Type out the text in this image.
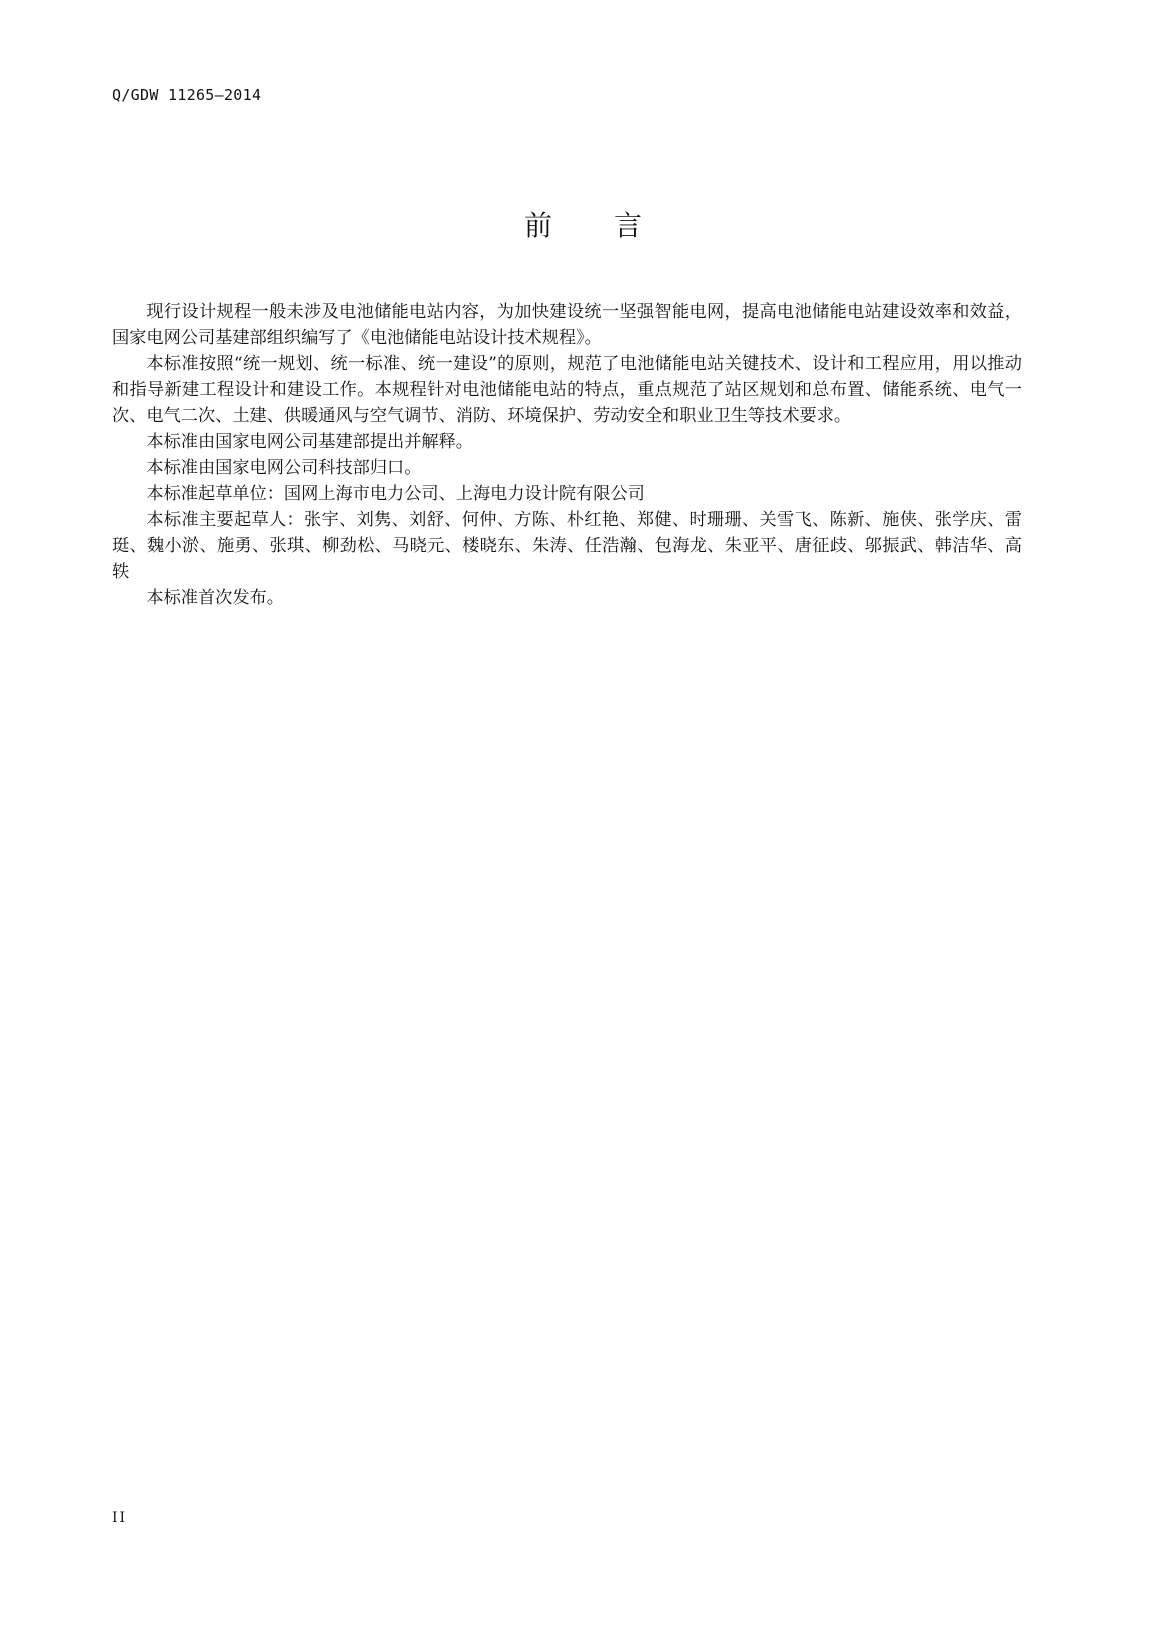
Q/GDW 11265—2014
前言

现行设计规程一般未涉及电池储能电站内容，为加快建设统一坚强智能电网，提高电池储能电站建设效率和效益，国家电网公司基建部组织编写了《电池储能电站设计技术规程》。

本标准按照“统一规划、统一标准、统一建设”的原则，规范了电池储能电站关键技术、设计和工程应用，用以推动和指导新建工程设计和建设工作。本规程针对电池储能电站的特点，重点规范了站区规划和总布置、储能系统、电气一次、电气二次、土建、供暖通风与空气调节、消防、环境保护、劳动安全和职业卫生等技术要求。

本标准由国家电网公司基建部提出并解释。

本标准由国家电网公司科技部归口。

本标准起草单位：国网上海市电力公司、上海电力设计院有限公司

本标准主要起草人：张宇、刘隽、刘舒、何仲、方陈、朴红艳、郑健、时珊珊、关雪飞、陈新、施侠、张学庆、雷珽、魏小淤、施勇、张琪、柳劲松、马晓元、楼晓东、朱涛、任浩瀚、包海龙、朱亚平、唐征歧、邬振武、韩洁华、高轶

本标准首次发布。

II
